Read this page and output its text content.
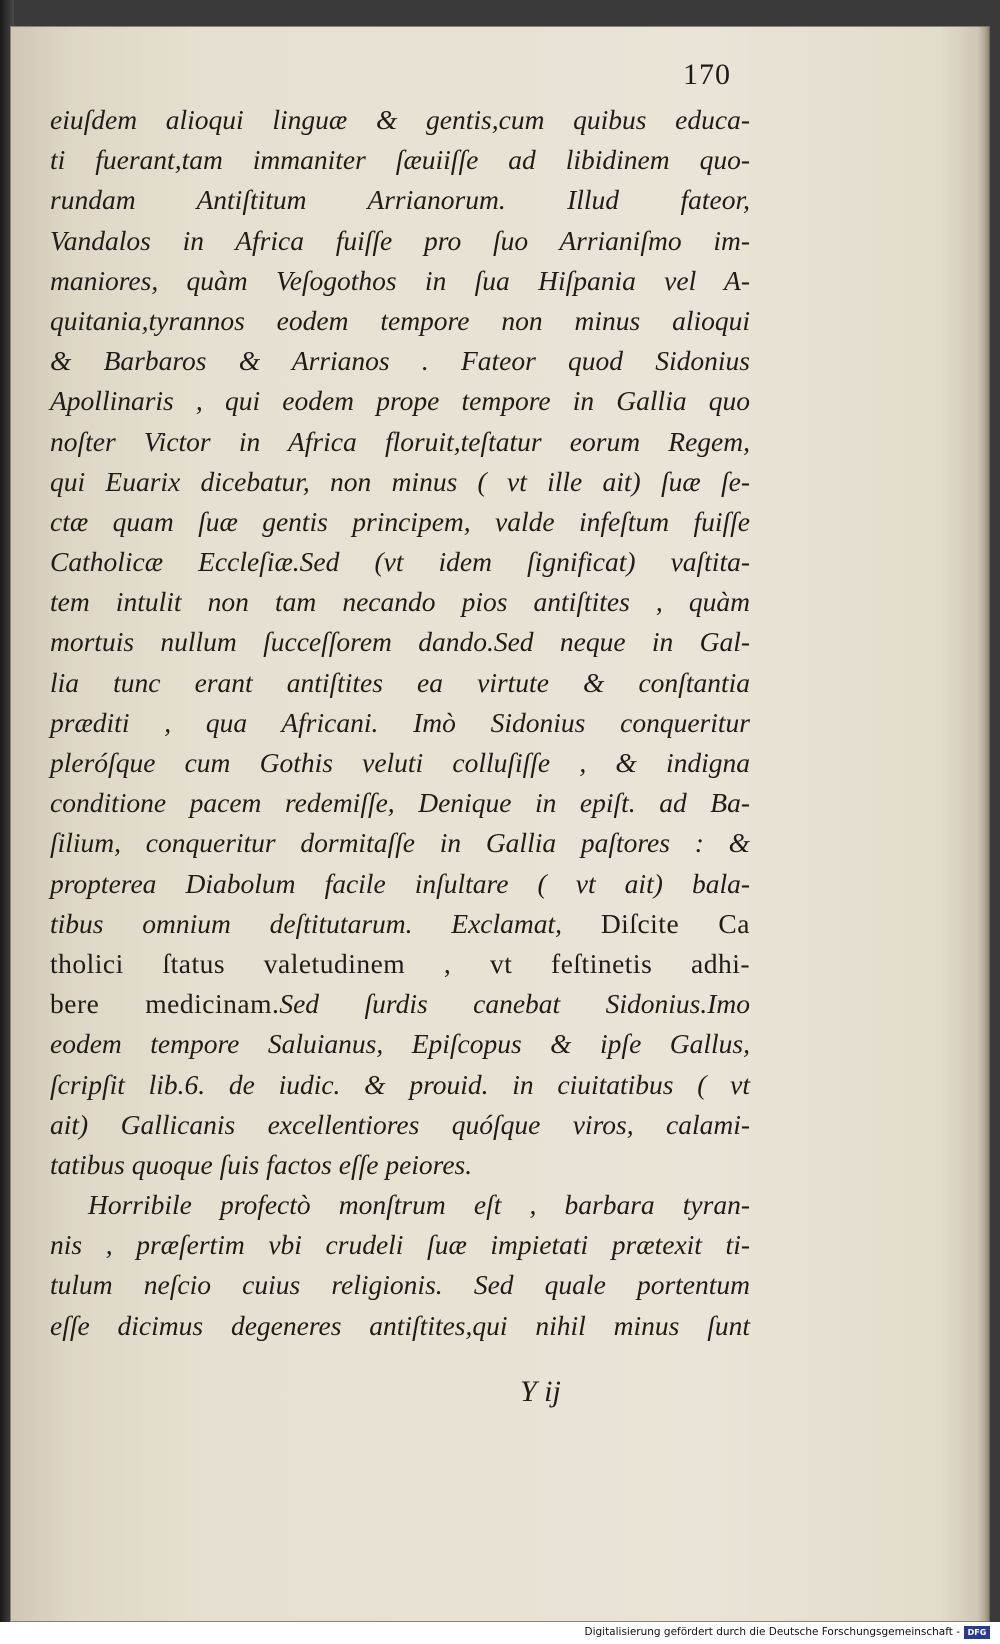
170
eiuſdem alioqui linguæ & gentis,cum quibus educa-
ti fuerant,tam immaniter ſæuiiſſe ad libidinem quo-
rundam Antiſtitum Arrianorum. Illud fateor,
Vandalos in Africa fuiſſe pro ſuo Arrianiſmo im-
maniores, quàm Veſogothos in ſua Hiſpania vel A-
quitania,tyrannos eodem tempore non minus alioqui
& Barbaros & Arrianos . Fateor quod Sidonius
Apollinaris , qui eodem prope tempore in Gallia quo
noſter Victor in Africa floruit,teſtatur eorum Regem,
qui Euarix dicebatur, non minus ( vt ille ait) ſuæ ſe-
ctæ quam ſuæ gentis principem, valde infeſtum fuiſſe
Catholicæ Eccleſiæ.Sed (vt idem ſignificat) vaſtita-
tem intulit non tam necando pios antiſtites , quàm
mortuis nullum ſucceſſorem dando.Sed neque in Gal-
lia tunc erant antiſtites ea virtute & conſtantia
præditi , qua Africani. Imò Sidonius conqueritur
pleróſque cum Gothis veluti colluſiſſe , & indigna
conditione pacem redemiſſe, Denique in epiſt. ad Ba-
ſilium, conqueritur dormitaſſe in Gallia paſtores : &
propterea Diabolum facile inſultare ( vt ait) bala-
tibus omnium deſtitutarum. Exclamat, Diſcite Ca
tholici ſtatus valetudinem , vt feſtinetis adhi-
bere medicinam.Sed ſurdis canebat Sidonius.Imo
eodem tempore Saluianus, Epiſcopus & ipſe Gallus,
ſcripſit lib.6. de iudic. & prouid. in ciuitatibus ( vt
ait) Gallicanis excellentiores quóſque viros, calami-
tatibus quoque ſuis factos eſſe peiores.
Horribile profectò monſtrum eſt , barbara tyran-
nis , præſertim vbi crudeli ſuæ impietati prætexit ti-
tulum neſcio cuius religionis. Sed quale portentum
eſſe dicimus degeneres antiſtites,qui nihil minus ſunt
Y ij
Digitalisierung gefördert durch die Deutsche Forschungsgemeinschaft - DFG
